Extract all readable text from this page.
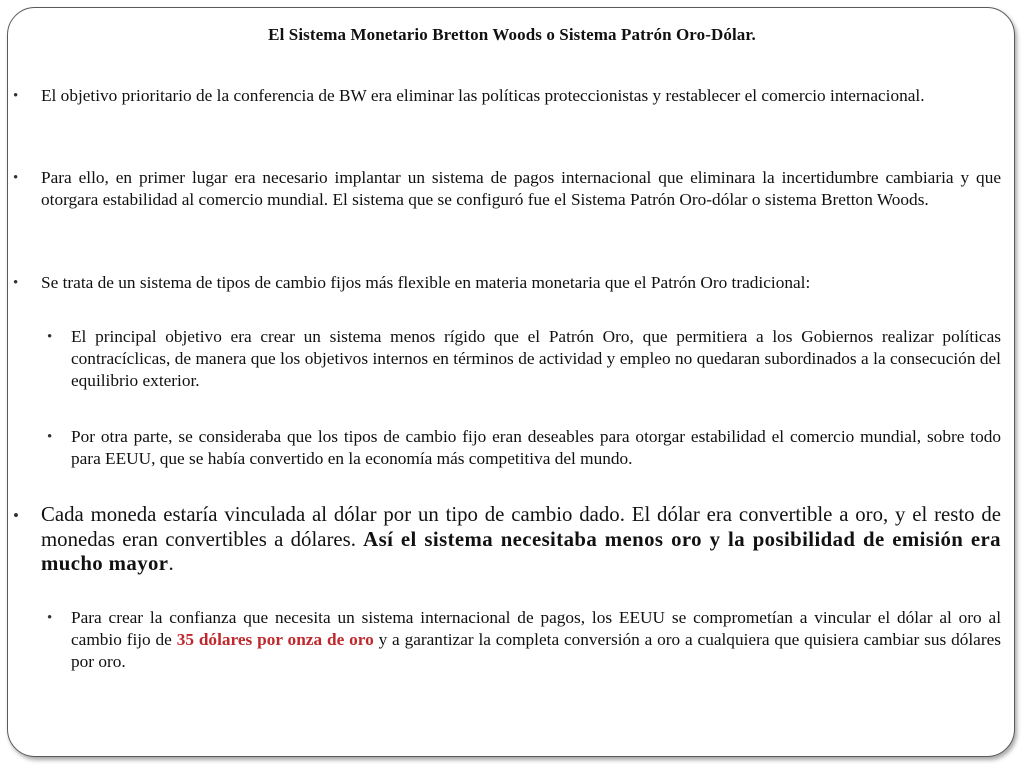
El Sistema Monetario Bretton Woods o Sistema Patrón Oro-Dólar.
• El objetivo prioritario de la conferencia de BW era eliminar las políticas proteccionistas y restablecer el comercio internacional.
• Para ello, en primer lugar era necesario implantar un sistema de pagos internacional que eliminara la incertidumbre cambiaria y que otorgara estabilidad al comercio mundial. El sistema que se configuró fue el Sistema Patrón Oro-dólar o sistema Bretton Woods.
• Se trata de un sistema de tipos de cambio fijos más flexible en materia monetaria que el Patrón Oro tradicional:
• El principal objetivo era crear un sistema menos rígido que el Patrón Oro, que permitiera a los Gobiernos realizar políticas contracíclicas, de manera que los objetivos internos en términos de actividad y empleo no quedaran subordinados a la consecución del equilibrio exterior.
• Por otra parte, se consideraba que los tipos de cambio fijo eran deseables para otorgar estabilidad el comercio mundial, sobre todo para EEUU, que se había convertido en la economía más competitiva del mundo.
• Cada moneda estaría vinculada al dólar por un tipo de cambio dado. El dólar era convertible a oro, y el resto de monedas eran convertibles a dólares. Así el sistema necesitaba menos oro y la posibilidad de emisión era mucho mayor.
• Para crear la confianza que necesita un sistema internacional de pagos, los EEUU se comprometían a vincular el dólar al oro al cambio fijo de 35 dólares por onza de oro y a garantizar la completa conversión a oro a cualquiera que quisiera cambiar sus dólares por oro.
